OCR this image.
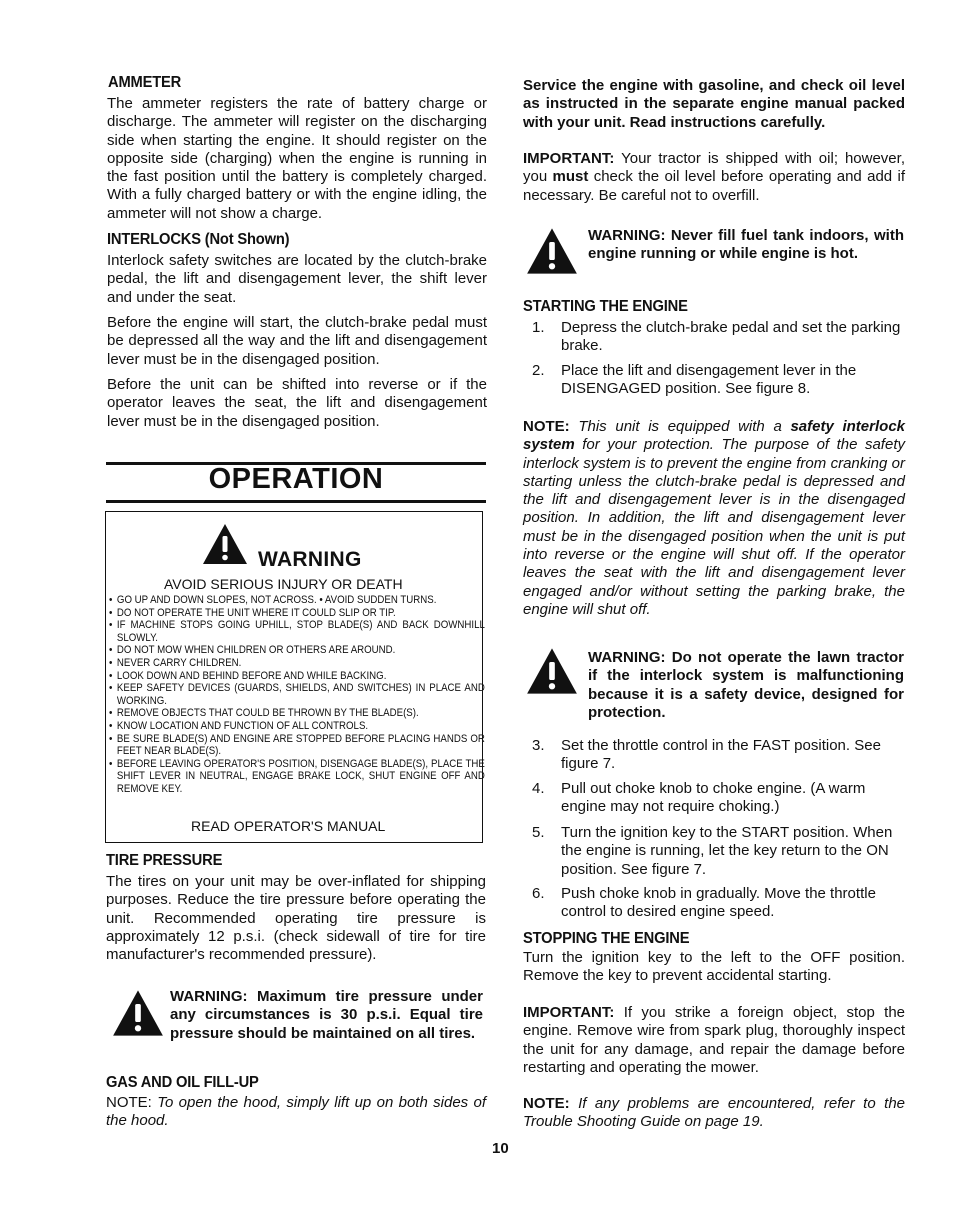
AMMETER

The ammeter registers the rate of battery charge or discharge. The ammeter will register on the discharging side when starting the engine. It should register on the opposite side (charging) when the engine is running in the fast position until the battery is completely charged. With a fully charged battery or with the engine idling, the ammeter will not show a charge.

INTERLOCKS (Not Shown)

Interlock safety switches are located by the clutch-brake pedal, the lift and disengagement lever, the shift lever and under the seat.

Before the engine will start, the clutch-brake pedal must be depressed all the way and the lift and disengagement lever must be in the disengaged position.

Before the unit can be shifted into reverse or if the operator leaves the seat, the lift and disengagement lever must be in the disengaged position.

OPERATION
WARNING
AVOID SERIOUS INJURY OR DEATH
• GO UP AND DOWN SLOPES, NOT ACROSS. • AVOID SUDDEN TURNS.
• DO NOT OPERATE THE UNIT WHERE IT COULD SLIP OR TIP.
• IF MACHINE STOPS GOING UPHILL, STOP BLADE(S) AND BACK DOWNHILL SLOWLY.
• DO NOT MOW WHEN CHILDREN OR OTHERS ARE AROUND.
• NEVER CARRY CHILDREN.
• LOOK DOWN AND BEHIND BEFORE AND WHILE BACKING.
• KEEP SAFETY DEVICES (GUARDS, SHIELDS, AND SWITCHES) IN PLACE AND WORKING.
• REMOVE OBJECTS THAT COULD BE THROWN BY THE BLADE(S).
• KNOW LOCATION AND FUNCTION OF ALL CONTROLS.
• BE SURE BLADE(S) AND ENGINE ARE STOPPED BEFORE PLACING HANDS OR FEET NEAR BLADE(S).
• BEFORE LEAVING OPERATOR'S POSITION, DISENGAGE BLADE(S), PLACE THE SHIFT LEVER IN NEUTRAL, ENGAGE BRAKE LOCK, SHUT ENGINE OFF AND REMOVE KEY.
READ OPERATOR'S MANUAL
TIRE PRESSURE

The tires on your unit may be over-inflated for shipping purposes. Reduce the tire pressure before operating the unit. Recommended operating tire pressure is approximately 12 p.s.i. (check sidewall of tire for tire manufacturer's recommended pressure).

WARNING: Maximum tire pressure under any circumstances is 30 p.s.i. Equal tire pressure should be maintained on all tires.

GAS AND OIL FILL-UP

NOTE: To open the hood, simply lift up on both sides of the hood.

Service the engine with gasoline, and check oil level as instructed in the separate engine manual packed with your unit. Read instructions carefully.

IMPORTANT: Your tractor is shipped with oil; however, you must check the oil level before operating and add if necessary. Be careful not to overfill.

WARNING: Never fill fuel tank indoors, with engine running or while engine is hot.

STARTING THE ENGINE
1. Depress the clutch-brake pedal and set the parking brake.
2. Place the lift and disengagement lever in the DISENGAGED position. See figure 8.

NOTE: This unit is equipped with a safety interlock system for your protection. The purpose of the safety interlock system is to prevent the engine from cranking or starting unless the clutch-brake pedal is depressed and the lift and disengagement lever is in the disengaged position. In addition, the lift and disengagement lever must be in the disengaged position when the unit is put into reverse or the engine will shut off. If the operator leaves the seat with the lift and disengagement lever engaged and/or without setting the parking brake, the engine will shut off.

WARNING: Do not operate the lawn tractor if the interlock system is malfunctioning because it is a safety device, designed for protection.

3. Set the throttle control in the FAST position. See figure 7.
4. Pull out choke knob to choke engine. (A warm engine may not require choking.)
5. Turn the ignition key to the START position. When the engine is running, let the key return to the ON position. See figure 7.
6. Push choke knob in gradually. Move the throttle control to desired engine speed.
STOPPING THE ENGINE

Turn the ignition key to the left to the OFF position. Remove the key to prevent accidental starting.

IMPORTANT: If you strike a foreign object, stop the engine. Remove wire from spark plug, thoroughly inspect the unit for any damage, and repair the damage before restarting and operating the mower.

NOTE: If any problems are encountered, refer to the Trouble Shooting Guide on page 19.

10
